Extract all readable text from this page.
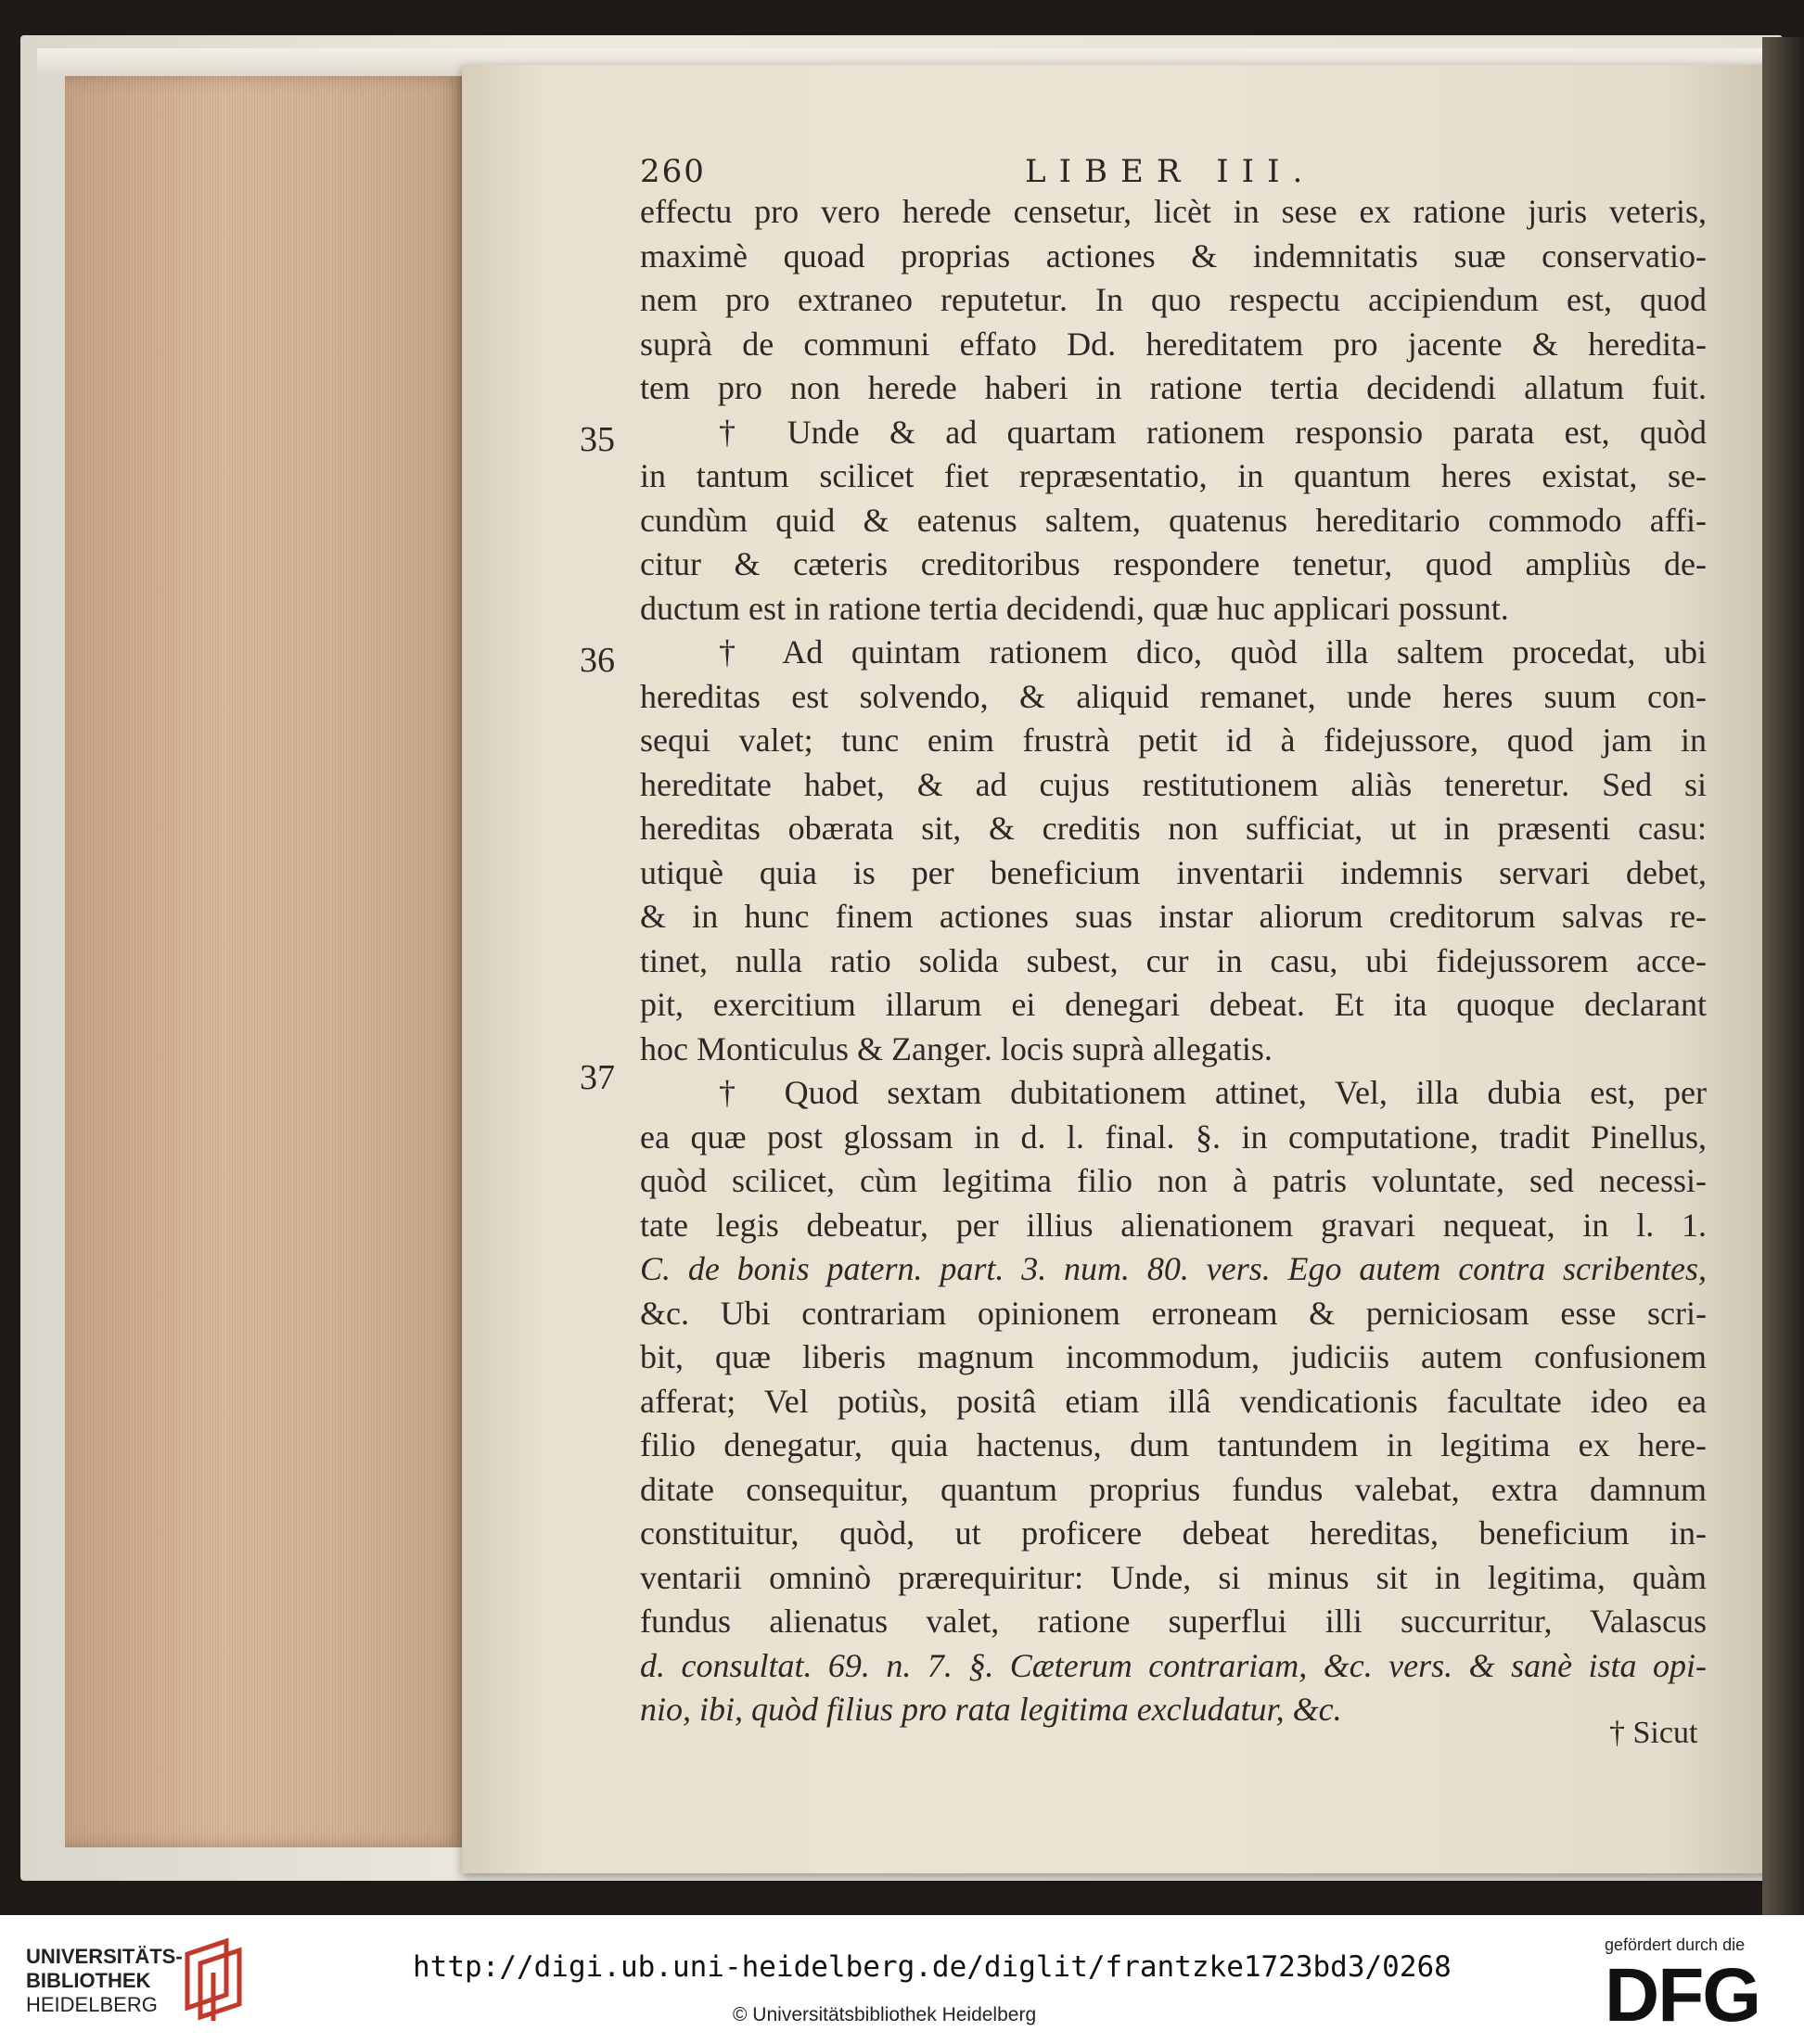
260	LIBER III.
35
36
37
effectu pro vero herede censetur, licèt in sese ex ratione juris veteris,
maximè quoad proprias actiones & indemnitatis suæ conservatio-
nem pro extraneo reputetur. In quo respectu accipiendum est, quod
suprà de communi effato Dd. hereditatem pro jacente & heredita-
tem pro non herede haberi in ratione tertia decidendi allatum fuit.
† Unde & ad quartam rationem responsio parata est, quòd
in tantum scilicet fiet repræsentatio, in quantum heres existat, se-
cundùm quid & eatenus saltem, quatenus hereditario commodo affi-
citur & cæteris creditoribus respondere tenetur, quod ampliùs de-
ductum est in ratione tertia decidendi, quæ huc applicari possunt.
† Ad quintam rationem dico, quòd illa saltem procedat, ubi
hereditas est solvendo, & aliquid remanet, unde heres suum con-
sequi valet; tunc enim frustrà petit id à fidejussore, quod jam in
hereditate habet, & ad cujus restitutionem aliàs teneretur. Sed si
hereditas obærata sit, & creditis non sufficiat, ut in præsenti casu:
utiquè quia is per beneficium inventarii indemnis servari debet,
& in hunc finem actiones suas instar aliorum creditorum salvas re-
tinet, nulla ratio solida subest, cur in casu, ubi fidejussorem acce-
pit, exercitium illarum ei denegari debeat. Et ita quoque declarant
hoc Monticulus & Zanger. locis suprà allegatis.
† Quod sextam dubitationem attinet, Vel, illa dubia est, per
ea quæ post glossam in d. l. final. §. in computatione, tradit Pinellus,
quòd scilicet, cùm legitima filio non à patris voluntate, sed necessi-
tate legis debeatur, per illius alienationem gravari nequeat, in l. 1.
C. de bonis patern. part. 3. num. 80. vers. Ego autem contra scribentes,
&c. Ubi contrariam opinionem erroneam & perniciosam esse scri-
bit, quæ liberis magnum incommodum, judiciis autem confusionem
afferat; Vel potiùs, positâ etiam illâ vendicationis facultate ideo ea
filio denegatur, quia hactenus, dum tantundem in legitima ex here-
ditate consequitur, quantum proprius fundus valebat, extra damnum
constituitur, quòd, ut proficere debeat hereditas, beneficium in-
ventarii omninò prærequiritur: Unde, si minus sit in legitima, quàm
fundus alienatus valet, ratione superflui illi succurritur, Valascus
d. consultat. 69. n. 7. §. Cæterum contrariam, &c. vers. & sanè ista opi-
nio, ibi, quòd filius pro rata legitima excludatur, &c.
† Sicut
UNIVERSITÄTS-
BIBLIOTHEK
HEIDELBERG
http://digi.ub.uni-heidelberg.de/diglit/frantzke1723bd3/0268
© Universitätsbibliothek Heidelberg
gefördert durch die
DFG
